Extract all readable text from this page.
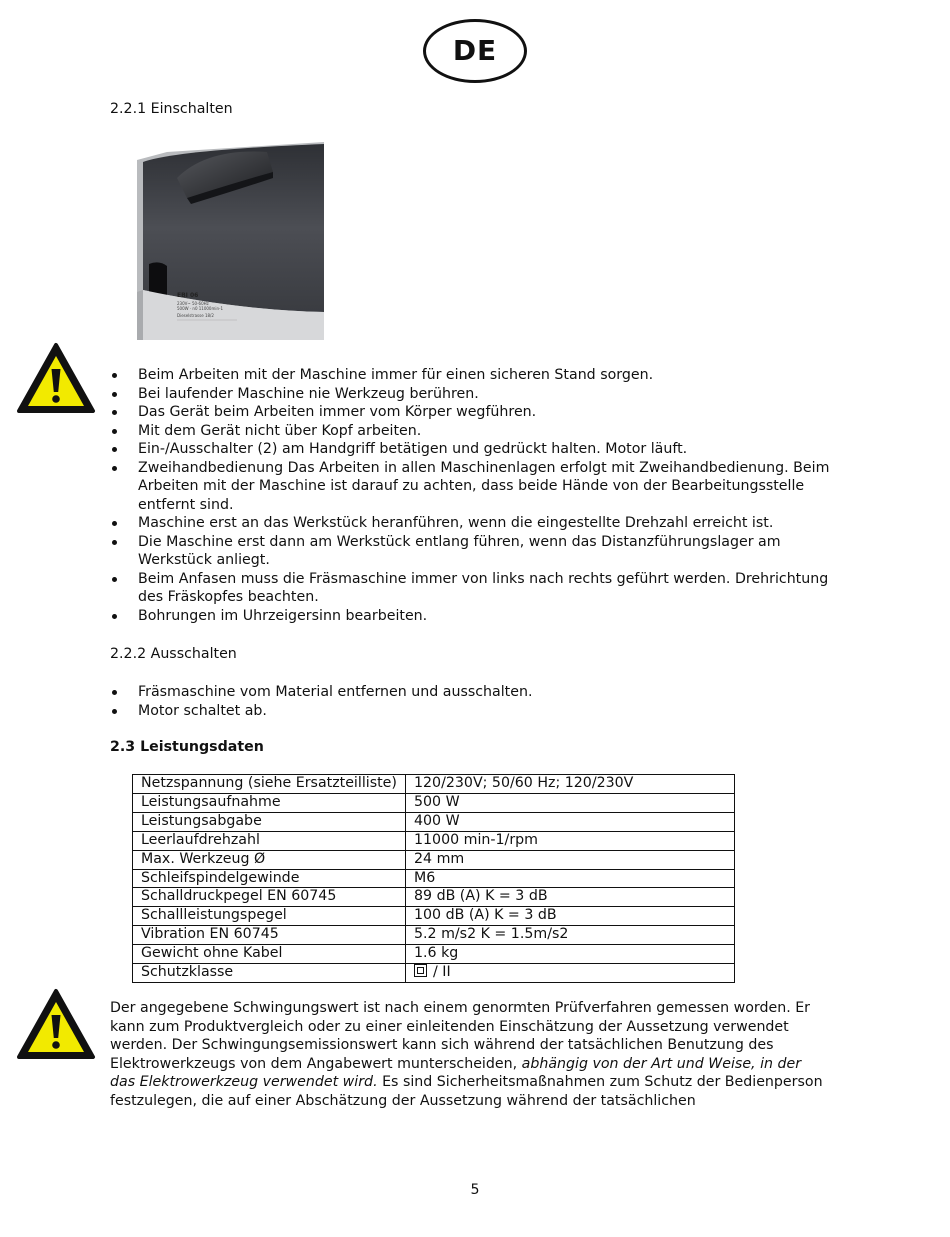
DE
2.2.1 Einschalten
EBI 06
230V~ 50-60Hz
500W · n0 11000min-1
Dieselstrasse 18/2
Beim Arbeiten mit der Maschine immer für einen sicheren Stand sorgen.
Bei laufender Maschine nie Werkzeug berühren.
Das Gerät beim Arbeiten immer vom Körper wegführen.
Mit dem Gerät nicht über Kopf arbeiten.
Ein-/Ausschalter (2) am Handgriff betätigen und gedrückt halten. Motor läuft.
Zweihandbedienung Das Arbeiten in allen Maschinenlagen erfolgt mit Zweihandbedienung. Beim Arbeiten mit der Maschine ist darauf zu achten, dass beide Hände von der Bearbeitungsstelle entfernt sind.
Maschine erst an das Werkstück heranführen, wenn die eingestellte Drehzahl erreicht ist.
Die Maschine erst dann am Werkstück entlang führen, wenn das Distanzführungslager am Werkstück anliegt.
Beim Anfasen muss die Fräsmaschine immer von links nach rechts geführt werden. Drehrichtung des Fräskopfes beachten.
Bohrungen im Uhrzeigersinn bearbeiten.
2.2.2 Ausschalten
Fräsmaschine vom Material entfernen und ausschalten.
Motor schaltet ab.
2.3 Leistungsdaten
Netzspannung (siehe Ersatzteilliste)	120/230V; 50/60 Hz; 120/230V
Leistungsaufnahme	500 W
Leistungsabgabe	400 W
Leerlaufdrehzahl	11000 min-1/rpm
Max. Werkzeug Ø	24 mm
Schleifspindelgewinde	M6
Schalldruckpegel EN 60745	89 dB (A) K = 3 dB
Schallleistungspegel	100 dB (A) K = 3 dB
Vibration EN 60745	5.2 m/s2 K = 1.5m/s2
Gewicht ohne Kabel	1.6 kg
Schutzklasse	/ II

Der angegebene Schwingungswert ist nach einem genormten Prüfverfahren gemessen worden. Er kann zum Produktvergleich oder zu einer einleitenden Einschätzung der Aussetzung verwendet werden. Der Schwingungsemissionswert kann sich während der tatsächlichen Benutzung des Elektrowerkzeugs von dem Angabewert munterscheiden, abhängig von der Art und Weise, in der das Elektrowerkzeug verwendet wird. Es sind Sicherheitsmaßnahmen zum Schutz der Bedienperson festzulegen, die auf einer Abschätzung der Aussetzung während der tatsächlichen

5
